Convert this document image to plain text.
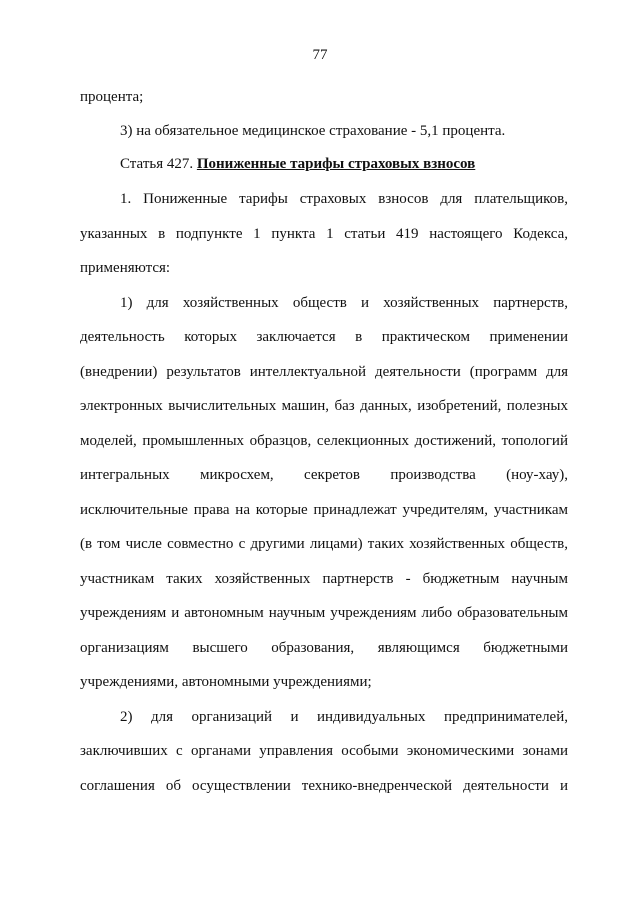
77
процента;
3) на обязательное медицинское страхование - 5,1 процента.
Статья 427. Пониженные тарифы страховых взносов
1. Пониженные тарифы страховых взносов для плательщиков,
указанных в подпункте 1 пункта 1 статьи 419 настоящего Кодекса,
применяются:
1) для хозяйственных обществ и хозяйственных партнерств,
деятельность которых заключается в практическом применении
(внедрении) результатов интеллектуальной деятельности (программ для
электронных вычислительных машин, баз данных, изобретений, полезных
моделей, промышленных образцов, селекционных достижений, топологий
интегральных микросхем, секретов производства (ноу-хау),
исключительные права на которые принадлежат учредителям, участникам
(в том числе совместно с другими лицами) таких хозяйственных обществ,
участникам таких хозяйственных партнерств - бюджетным научным
учреждениям и автономным научным учреждениям либо образовательным
организациям высшего образования, являющимся бюджетными
учреждениями, автономными учреждениями;
2) для организаций и индивидуальных предпринимателей,
заключивших с органами управления особыми экономическими зонами
соглашения об осуществлении технико-внедренческой деятельности и
